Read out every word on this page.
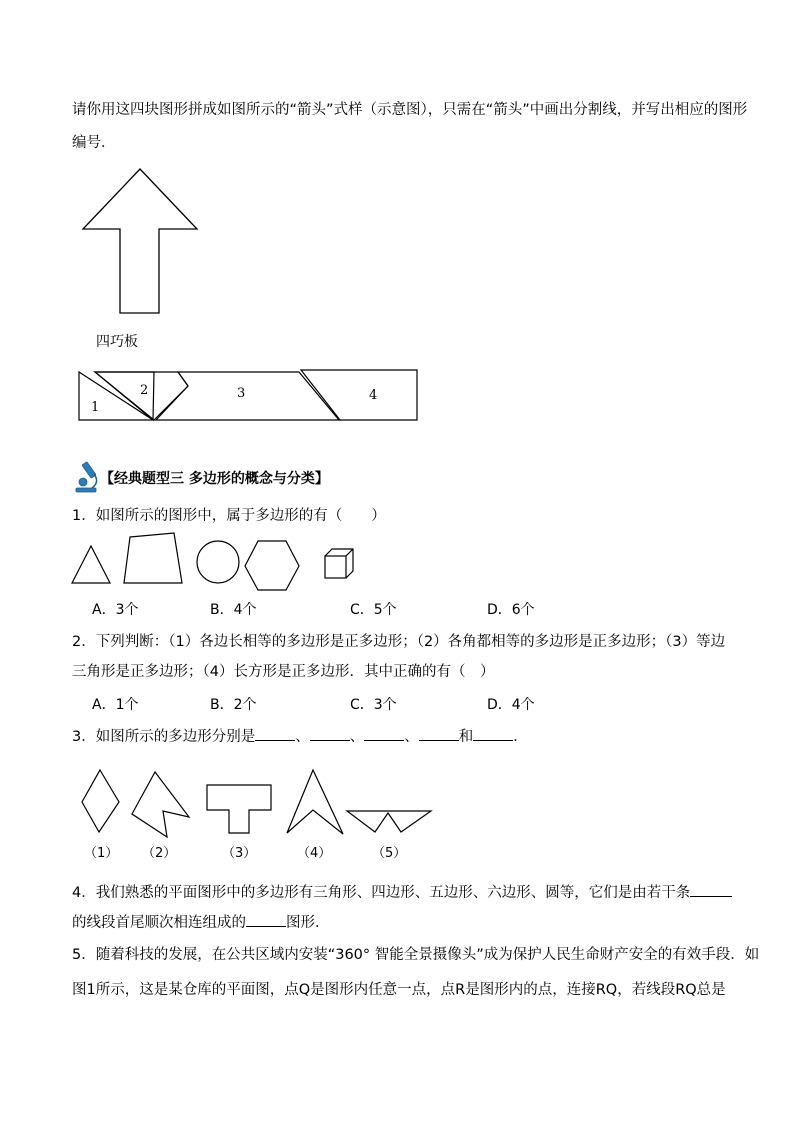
请你用这四块图形拼成如图所示的“箭头”式样（示意图），只需在“箭头”中画出分割线，并写出相应的图形
编号．
四巧板
1
2	3	4
【经典题型三 多边形的概念与分类】
1．如图所示的图形中，属于多边形的有（　　）
A．3个	B．4个	C．5个	D．6个
2．下列判断：（1）各边长相等的多边形是正多边形；（2）各角都相等的多边形是正多边形；（3）等边
三角形是正多边形；（4）长方形是正多边形．其中正确的有（　）
A．1个	B．2个	C．3个	D．4个
3．如图所示的多边形分别是	、	、	、	和	．
（1） （2）	（3）	（4）	（5）
4．我们熟悉的平面图形中的多边形有三角形、四边形、五边形、六边形、圆等，它们是由若干条
的线段首尾顺次相连组成的	图形．
5．随着科技的发展，在公共区域内安装“360° 智能全景摄像头”成为保护人民生命财产安全的有效手段．如
图1所示，这是某仓库的平面图，点Q是图形内任意一点，点R是图形内的点，连接RQ，若线段RQ总是
